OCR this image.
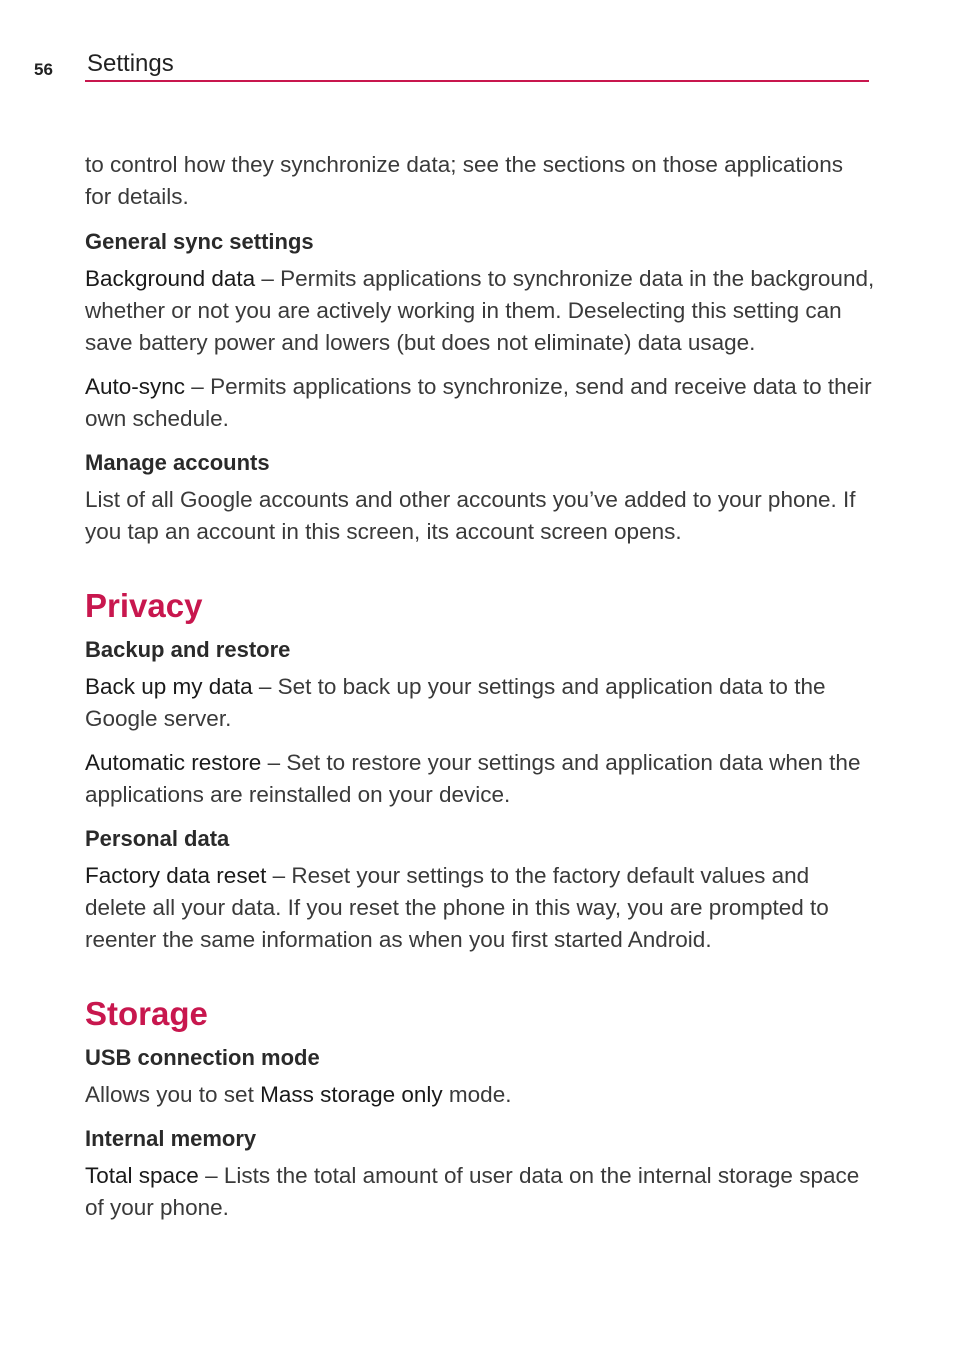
56 Settings

to control how they synchronize data; see the sections on those applications for details.

General sync settings

Background data – Permits applications to synchronize data in the background, whether or not you are actively working in them. Deselecting this setting can save battery power and lowers (but does not eliminate) data usage.

Auto-sync – Permits applications to synchronize, send and receive data to their own schedule.

Manage accounts

List of all Google accounts and other accounts you’ve added to your phone. If you tap an account in this screen, its account screen opens.

Privacy

Backup and restore

Back up my data – Set to back up your settings and application data to the Google server.

Automatic restore – Set to restore your settings and application data when the applications are reinstalled on your device.

Personal data

Factory data reset – Reset your settings to the factory default values and delete all your data. If you reset the phone in this way, you are prompted to reenter the same information as when you first started Android.

Storage

USB connection mode

Allows you to set Mass storage only mode.

Internal memory

Total space – Lists the total amount of user data on the internal storage space of your phone.
